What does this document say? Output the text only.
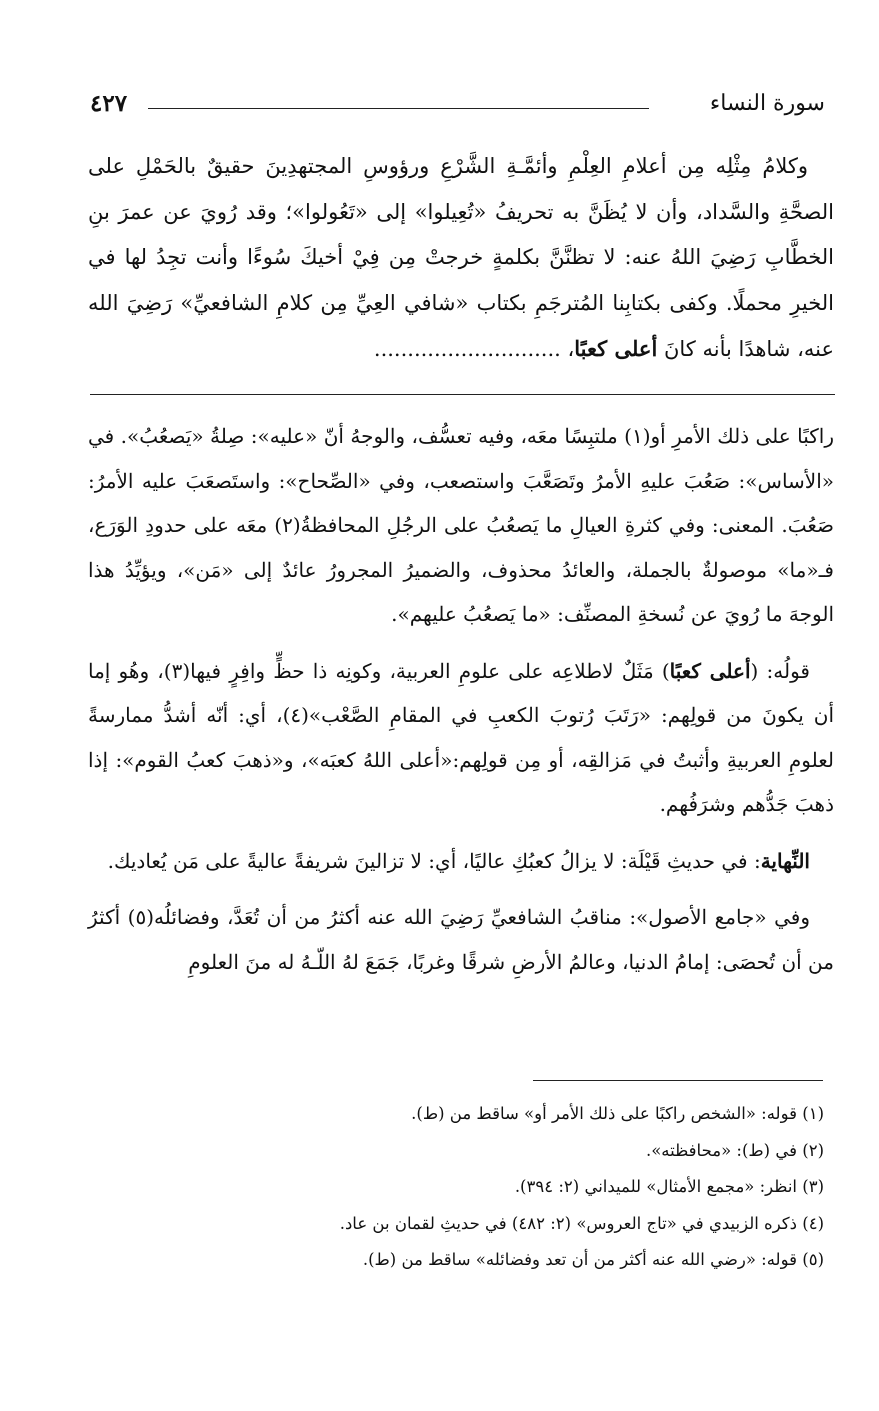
سورة النساء
٤٢٧

وكلامُ مِثْلِه مِن أعلامِ العِلْمِ وأئمَّـةِ الشَّرْعِ ورؤوسِ المجتهدِينَ حقيقٌ بالحَمْلِ على الصحَّةِ والسَّداد، وأن لا يُظَنَّ به تحريفُ «تُعِيلوا» إلى «تَعُولوا»؛ وقد رُويَ عن عمرَ بنِ الخطَّابِ رَضِيَ اللهُ عنه: لا تظنَّنَّ بكلمةٍ خرجتْ مِن فِيْ أخيكَ سُوءًا وأنت تجِدُ لها في الخيرِ محملًا. وكفى بكتابِنا المُترجَمِ بكتاب «شافي العِيِّ مِن كلامِ الشافعيِّ» رَضِيَ الله عنه، شاهدًا بأنه كانَ أعلى كعبًا، ............................

راكبًا على ذلك الأمرِ أو(١) ملتبِسًا معَه، وفيه تعسُّف، والوجهُ أنّ «عليه»: صِلةُ «يَصعُبُ». في «الأساس»: صَعُبَ عليهِ الأمرُ وتَصَعَّبَ واستصعب، وفي «الصِّحاح»: واستَصعَبَ عليه الأمرُ: صَعُبَ. المعنى: وفي كثرةِ العيالِ ما يَصعُبُ على الرجُلِ المحافظةُ(٢) معَه على حدودِ الوَرَع، فـ«ما» موصولةٌ بالجملة، والعائدُ محذوف، والضميرُ المجرورُ عائدٌ إلى «مَن»، ويؤيِّدُ هذا الوجهَ ما رُويَ عن نُسخةِ المصنِّف: «ما يَصعُبُ عليهم».

قولُه: (أعلى كعبًا) مَثَلٌ لاطلاعِه على علومِ العربية، وكونِه ذا حظٍّ وافِرٍ فيها(٣)، وهُو إما أن يكونَ من قولِهم: «رَتَبَ رُتوبَ الكعبِ في المقامِ الصَّعْب»(٤)، أي: أنّه أشدُّ ممارسةً لعلومِ العربيةِ وأثبتُ في مَزالقِه، أو مِن قولِهم:«أعلى اللهُ كعبَه»، و«ذهبَ كعبُ القوم»: إذا ذهبَ جَدُّهم وشرَفُهم.

النِّهاية: في حديثِ قَيْلَة: لا يزالُ كعبُكِ عاليًا، أي: لا تزالينَ شريفةً عاليةً على مَن يُعاديك.

وفي «جامع الأصول»: مناقبُ الشافعيِّ رَضِيَ الله عنه أكثرُ من أن تُعَدَّ، وفضائلُه(٥) أكثرُ من أن تُحصَى: إمامُ الدنيا، وعالمُ الأرضِ شرقًا وغربًا، جَمَعَ لهُ اللّـهُ له منَ العلومِ

(١) قوله: «الشخص راكبًا على ذلك الأمر أو» ساقط من (ط).
(٢) في (ط): «محافظته».
(٣) انظر: «مجمع الأمثال» للميداني (٢: ٣٩٤).
(٤) ذكره الزبيدي في «تاج العروس» (٢: ٤٨٢) في حديثِ لقمان بن عاد.
(٥) قوله: «رضي الله عنه أكثر من أن تعد وفضائله» ساقط من (ط).
